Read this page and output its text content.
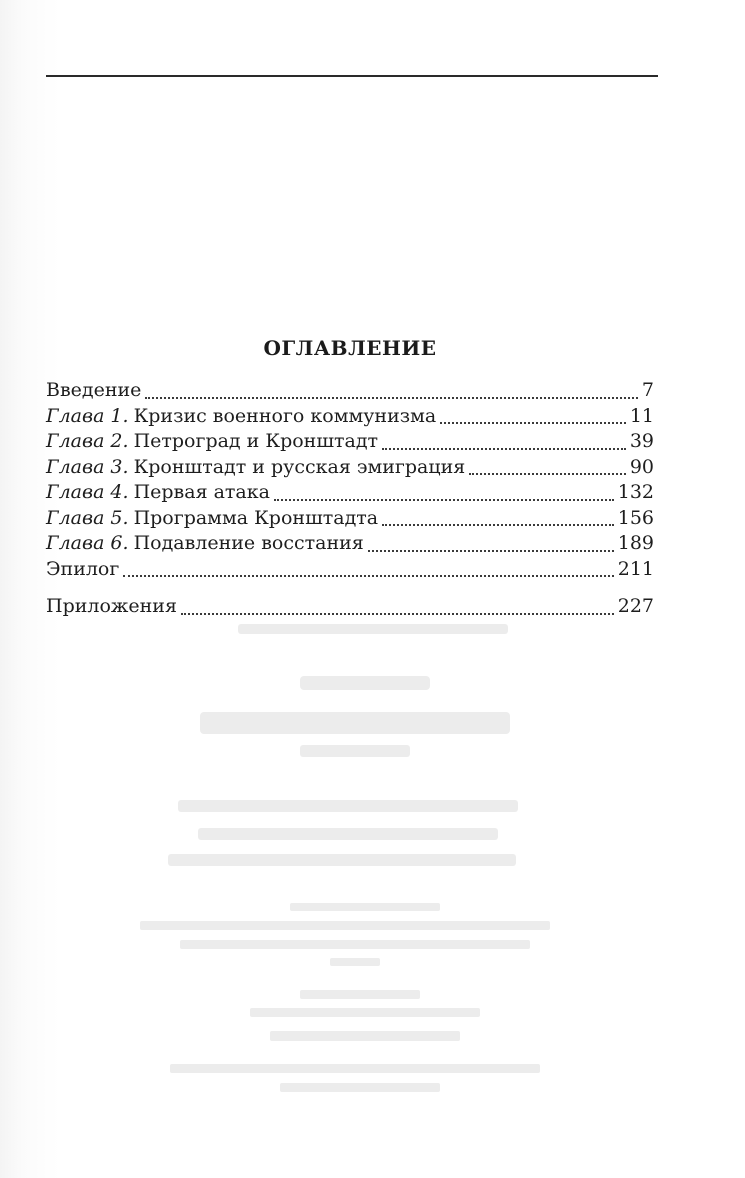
ОГЛАВЛЕНИЕ
Введение	7
Глава 1. Кризис военного коммунизма	11
Глава 2. Петроград и Кронштадт	39
Глава 3. Кронштадт и русская эмиграция	90
Глава 4. Первая атака	132
Глава 5. Программа Кронштадта	156
Глава 6. Подавление восстания	189
Эпилог	211
Приложения	227
